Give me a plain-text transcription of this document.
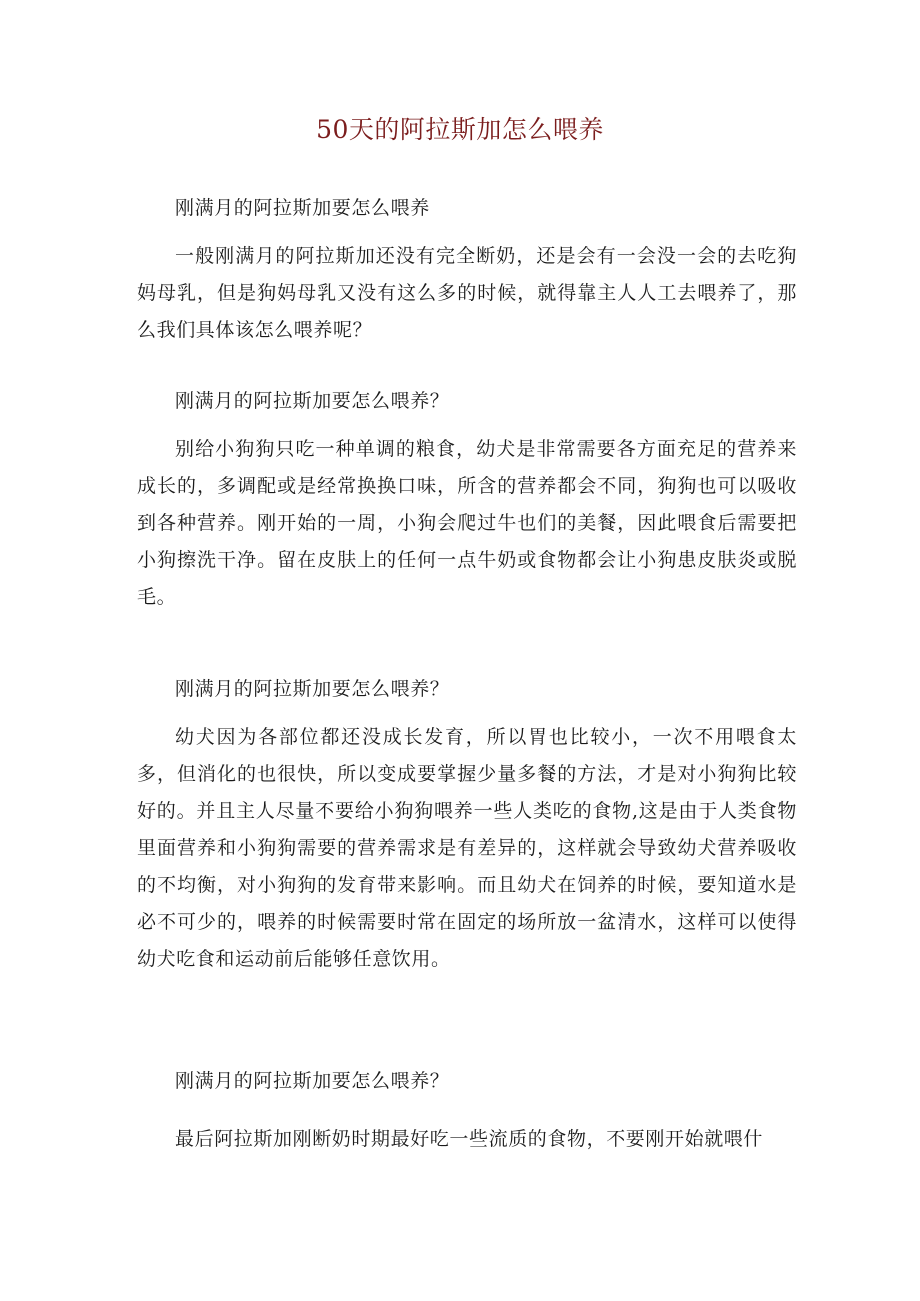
50天的阿拉斯加怎么喂养

刚满月的阿拉斯加要怎么喂养

一般刚满月的阿拉斯加还没有完全断奶，还是会有一会没一会的去吃狗妈母乳，但是狗妈母乳又没有这么多的时候，就得靠主人人工去喂养了，那么我们具体该怎么喂养呢？

刚满月的阿拉斯加要怎么喂养？

别给小狗狗只吃一种单调的粮食，幼犬是非常需要各方面充足的营养来成长的，多调配或是经常换换口味，所含的营养都会不同，狗狗也可以吸收到各种营养。刚开始的一周，小狗会爬过牛也们的美餐，因此喂食后需要把小狗擦洗干净。留在皮肤上的任何一点牛奶或食物都会让小狗患皮肤炎或脱毛。

刚满月的阿拉斯加要怎么喂养？

幼犬因为各部位都还没成长发育，所以胃也比较小，一次不用喂食太多，但消化的也很快，所以变成要掌握少量多餐的方法，才是对小狗狗比较好的。并且主人尽量不要给小狗狗喂养一些人类吃的食物,这是由于人类食物里面营养和小狗狗需要的营养需求是有差异的，这样就会导致幼犬营养吸收的不均衡，对小狗狗的发育带来影响。而且幼犬在饲养的时候，要知道水是必不可少的，喂养的时候需要时常在固定的场所放一盆清水，这样可以使得幼犬吃食和运动前后能够任意饮用。

刚满月的阿拉斯加要怎么喂养？

最后阿拉斯加刚断奶时期最好吃一些流质的食物，不要刚开始就喂什
